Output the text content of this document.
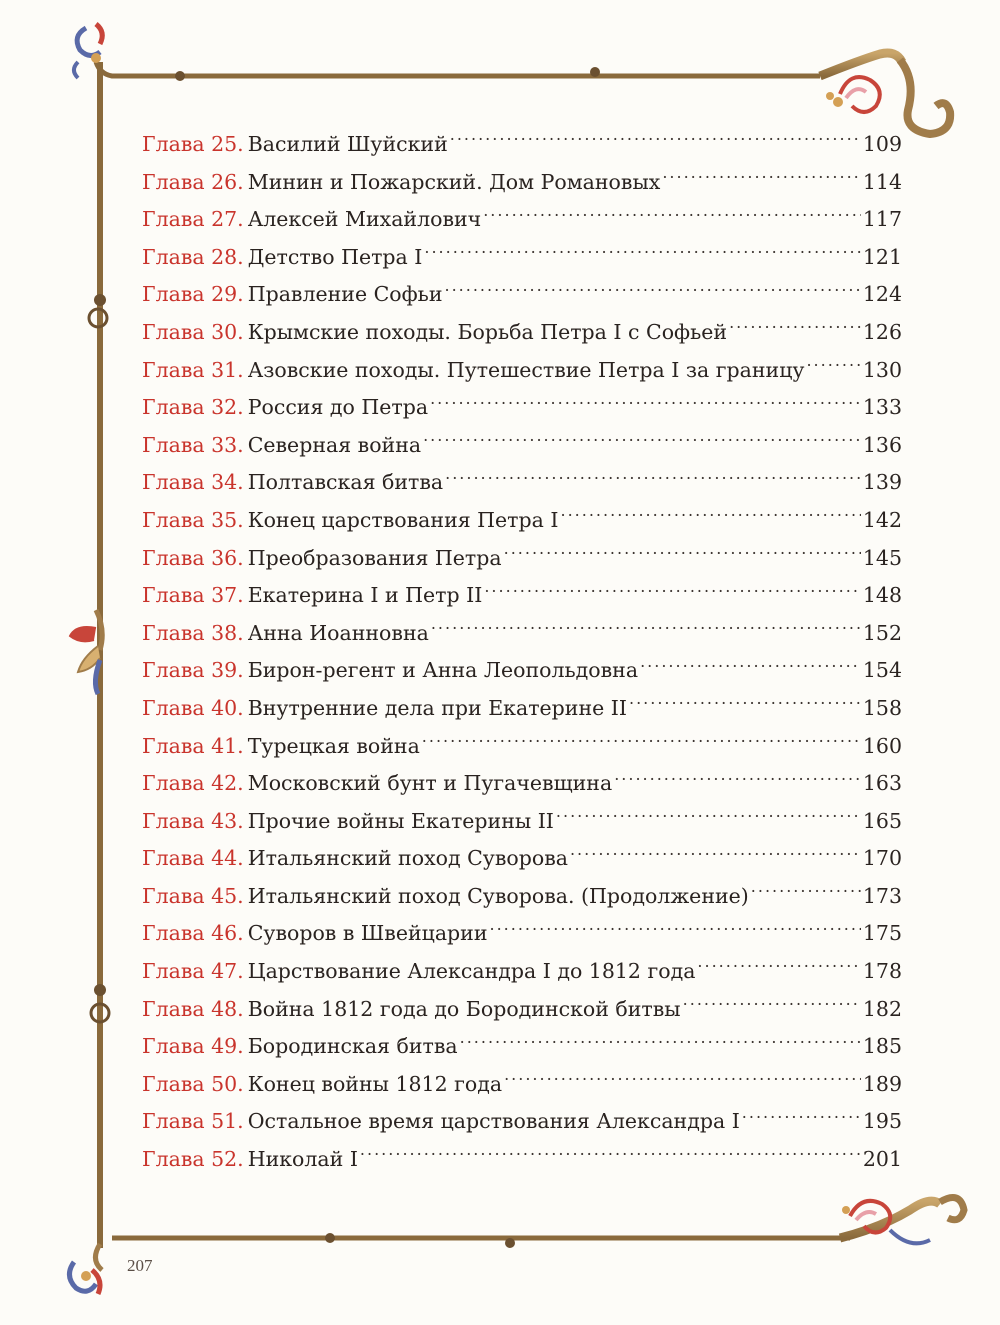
Глава 25. Василий Шуйский .....	109
Глава 26. Минин и Пожарский. Дом Романовых .....	114
Глава 27. Алексей Михайлович .....	117
Глава 28. Детство Петра I .....	121
Глава 29. Правление Софьи .....	124
Глава 30. Крымские походы. Борьба Петра I с Софьей .....	126
Глава 31. Азовские походы. Путешествие Петра I за границу .....	130
Глава 32. Россия до Петра .....	133
Глава 33. Северная война .....	136
Глава 34. Полтавская битва .....	139
Глава 35. Конец царствования Петра I .....	142
Глава 36. Преобразования Петра .....	145
Глава 37. Екатерина I и Петр II .....	148
Глава 38. Анна Иоанновна .....	152
Глава 39. Бирон-регент и Анна Леопольдовна .....	154
Глава 40. Внутренние дела при Екатерине II .....	158
Глава 41. Турецкая война .....	160
Глава 42. Московский бунт и Пугачевщина .....	163
Глава 43. Прочие войны Екатерины II .....	165
Глава 44. Итальянский поход Суворова .....	170
Глава 45. Итальянский поход Суворова. (Продолжение) .....	173
Глава 46. Суворов в Швейцарии .....	175
Глава 47. Царствование Александра I до 1812 года .....	178
Глава 48. Война 1812 года до Бородинской битвы .....	182
Глава 49. Бородинская битва .....	185
Глава 50. Конец войны 1812 года .....	189
Глава 51. Остальное время царствования Александра I .....	195
Глава 52. Николай I .....	201
207
